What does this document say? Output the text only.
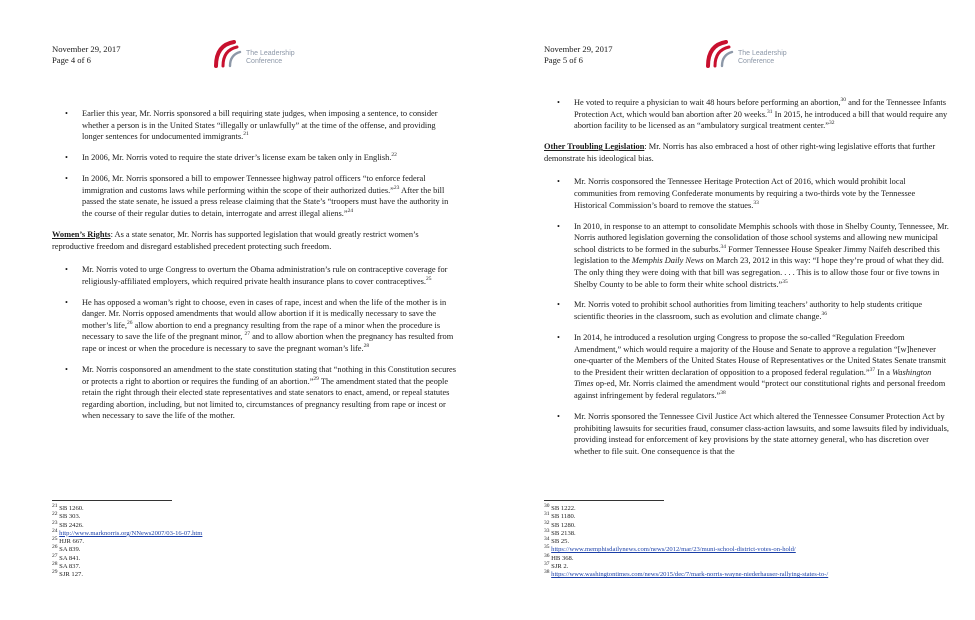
November 29, 2017
Page 4 of 6
The Leadership
Conference
• Earlier this year, Mr. Norris sponsored a bill requiring state judges, when imposing a sentence, to consider whether a person is in the United States “illegally or unlawfully” at the time of the offense, and providing longer sentences for undocumented immigrants.$^{21}$
• In 2006, Mr. Norris voted to require the state driver’s license exam be taken only in English.$^{22}$
• In 2006, Mr. Norris sponsored a bill to empower Tennessee highway patrol officers “to enforce federal immigration and customs laws while performing within the scope of their authorized duties.”$^{23}$ After the bill passed the state senate, he issued a press release claiming that the State’s “troopers must have the authority in the course of their regular duties to detain, interrogate and arrest illegal aliens.”$^{24}$
Women’s Rights: As a state senator, Mr. Norris has supported legislation that would greatly restrict women’s reproductive freedom and disregard established precedent protecting such freedom.
• Mr. Norris voted to urge Congress to overturn the Obama administration’s rule on contraceptive coverage for religiously-affiliated employers, which required private health insurance plans to cover contraceptives.$^{25}$
• He has opposed a woman’s right to choose, even in cases of rape, incest and when the life of the mother is in danger. Mr. Norris opposed amendments that would allow abortion if it is medically necessary to save the mother’s life,$^{26}$ allow abortion to end a pregnancy resulting from the rape of a minor when the procedure is necessary to save the life of the pregnant minor, $^{27}$ and to allow abortion when the pregnancy has resulted from rape or incest or when the procedure is necessary to save the pregnant woman’s life.$^{28}$
• Mr. Norris cosponsored an amendment to the state constitution stating that “nothing in this Constitution secures or protects a right to abortion or requires the funding of an abortion.”$^{29}$ The amendment stated that the people retain the right through their elected state representatives and state senators to enact, amend, or repeal statutes regarding abortion, including, but not limited to, circumstances of pregnancy resulting from rape or incest or when necessary to save the life of the mother.
$^{21}$ SB 1260.
$^{22}$ SB 303.
$^{23}$ SB 2426.
$^{24}$ http://www.marknorris.org/NNews2007/03-16-07.htm
$^{25}$ HJR 667.
$^{26}$ SA 839.
$^{27}$ SA 841.
$^{28}$ SA 837.
$^{29}$ SJR 127.
November 29, 2017
Page 5 of 6
The Leadership
Conference
• He voted to require a physician to wait 48 hours before performing an abortion,$^{30}$ and for the Tennessee Infants Protection Act, which would ban abortion after 20 weeks.$^{31}$ In 2015, he introduced a bill that would require any abortion facility to be licensed as an “ambulatory surgical treatment center.”$^{32}$
Other Troubling Legislation: Mr. Norris has also embraced a host of other right-wing legislative efforts that further demonstrate his ideological bias.
• Mr. Norris cosponsored the Tennessee Heritage Protection Act of 2016, which would prohibit local communities from removing Confederate monuments by requiring a two-thirds vote by the Tennessee Historical Commission’s board to remove the statues.$^{33}$
• In 2010, in response to an attempt to consolidate Memphis schools with those in Shelby County, Tennessee, Mr. Norris authored legislation governing the consolidation of those school systems and allowing new municipal school districts to be formed in the suburbs.$^{34}$ Former Tennessee House Speaker Jimmy Naifeh described this legislation to the Memphis Daily News on March 23, 2012 in this way: “I hope they’re proud of what they did. The only thing they were doing with that bill was segregation. . . . This is to allow those four or five towns in Shelby County to be able to form their white school districts.”$^{35}$
• Mr. Norris voted to prohibit school authorities from limiting teachers’ authority to help students critique scientific theories in the classroom, such as evolution and climate change.$^{36}$
• In 2014, he introduced a resolution urging Congress to propose the so-called “Regulation Freedom Amendment,” which would require a majority of the House and Senate to approve a regulation “[w]henever one-quarter of the Members of the United States House of Representatives or the United States Senate transmit to the President their written declaration of opposition to a proposed federal regulation.”$^{37}$ In a Washington Times op-ed, Mr. Norris claimed the amendment would “protect our constitutional rights and personal freedom against infringement by federal regulators.”$^{38}$
• Mr. Norris sponsored the Tennessee Civil Justice Act which altered the Tennessee Consumer Protection Act by prohibiting lawsuits for securities fraud, consumer class-action lawsuits, and some lawsuits filed by individuals, providing instead for enforcement of key provisions by the state attorney general, who has discretion over whether to file suit. One consequence is that the
$^{30}$ SB 1222.
$^{31}$ SB 1180.
$^{32}$ SB 1280.
$^{33}$ SB 2138.
$^{34}$ SB 25.
$^{35}$ https://www.memphisdailynews.com/news/2012/mar/23/muni-school-district-votes-on-hold/
$^{36}$ HB 368.
$^{37}$ SJR 2.
$^{38}$ https://www.washingtontimes.com/news/2015/dec/7/mark-norris-wayne-niederhauser-rallying-states-to-/
